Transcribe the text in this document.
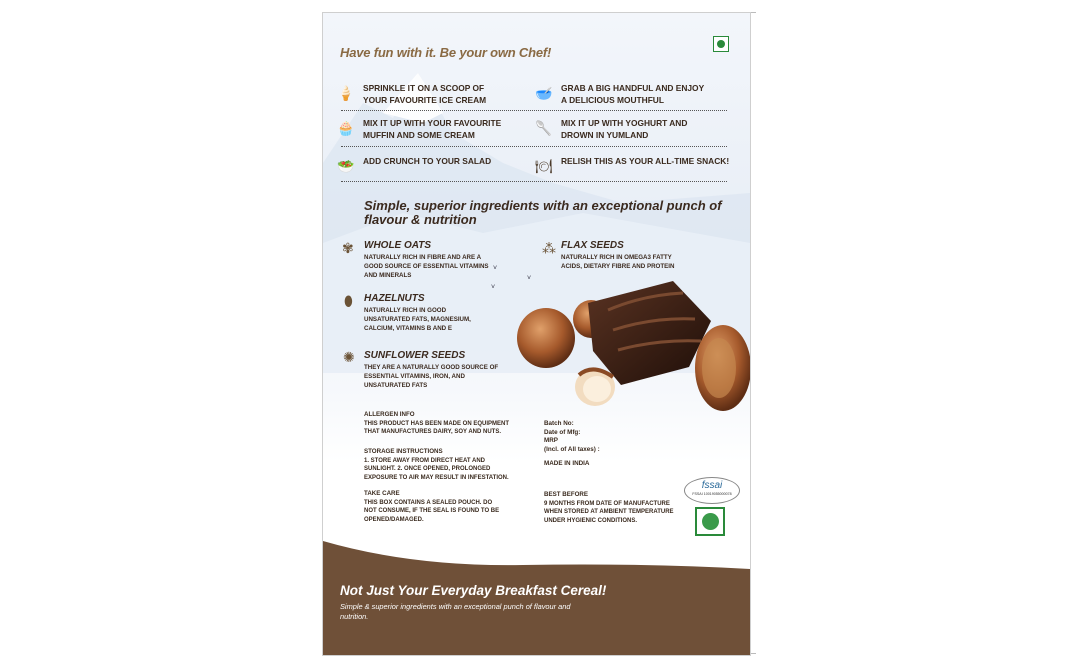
Have fun with it. Be your own Chef!
🍦 SPRINKLE IT ON A SCOOP OF YOUR FAVOURITE ICE CREAM	🥣 GRAB A BIG HANDFUL AND ENJOY A DELICIOUS MOUTHFUL
🧁 MIX IT UP WITH YOUR FAVOURITE MUFFIN AND SOME CREAM	🥄 MIX IT UP WITH YOGHURT AND DROWN IN YUMLAND
🥗 ADD CRUNCH TO YOUR SALAD	🍽 RELISH THIS AS YOUR ALL-TIME SNACK!
Simple, superior ingredients with an exceptional punch of flavour & nutrition
✾ WHOLE OATS
NATURALLY RICH IN FIBRE AND ARE A GOOD SOURCE OF ESSENTIAL VITAMINS AND MINERALS
⁂ FLAX SEEDS
NATURALLY RICH IN OMEGA3 FATTY ACIDS, DIETARY FIBRE AND PROTEIN
⬮ HAZELNUTS
NATURALLY RICH IN GOOD UNSATURATED FATS, MAGNESIUM, CALCIUM, VITAMINS B AND E
✺ SUNFLOWER SEEDS
THEY ARE A NATURALLY GOOD SOURCE OF ESSENTIAL VITAMINS, IRON, AND UNSATURATED FATS
˅
˅
˅
ALLERGEN INFO
THIS PRODUCT HAS BEEN MADE ON EQUIPMENT THAT MANUFACTURES DAIRY, SOY AND NUTS.
STORAGE INSTRUCTIONS
1. STORE AWAY FROM DIRECT HEAT AND SUNLIGHT. 2. ONCE OPENED, PROLONGED EXPOSURE TO AIR MAY RESULT IN INFESTATION.
TAKE CARE
THIS BOX CONTAINS A SEALED POUCH. DO NOT CONSUME, IF THE SEAL IS FOUND TO BE OPENED/DAMAGED.
Batch No:
Date of Mfg:
MRP
(Incl. of All taxes) :
MADE IN INDIA
BEST BEFORE
9 MONTHS FROM DATE OF MANUFACTURE WHEN STORED AT AMBIENT TEMPERATURE UNDER HYGIENIC CONDITIONS.
fssai
FSSAI 10019055000078
Not Just Your Everyday Breakfast Cereal!
Simple & superior ingredients with an exceptional punch of flavour and nutrition.
